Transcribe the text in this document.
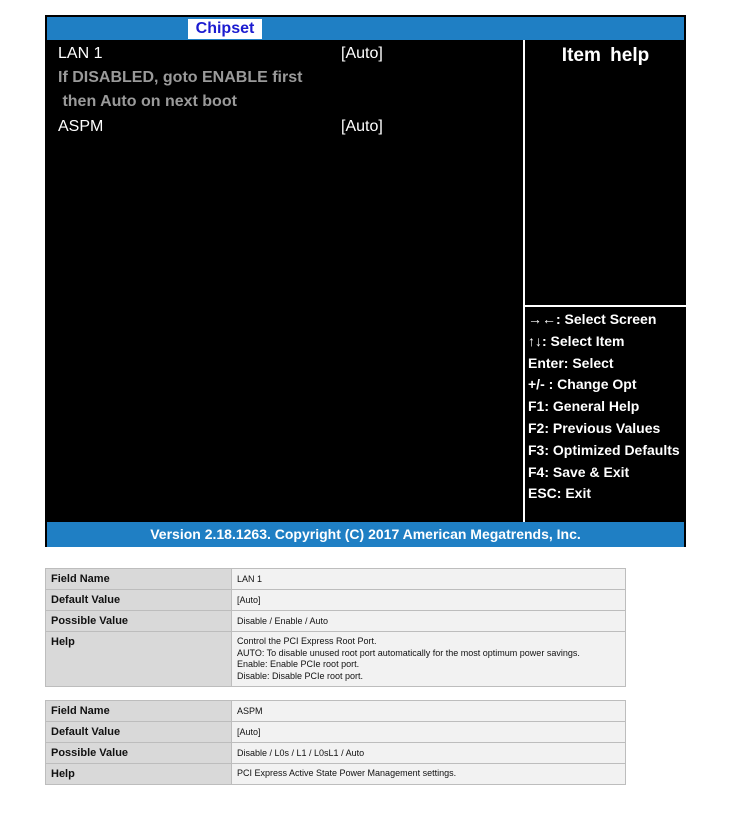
Chipset
LAN 1	[Auto]
If DISABLED, goto ENABLE first
then Auto on next boot
ASPM	[Auto]
Item help
→←: Select Screen
↑↓: Select Item
Enter: Select
+/- : Change Opt
F1: General Help
F2: Previous Values
F3: Optimized Defaults
F4: Save & Exit
ESC: Exit
Version 2.18.1263. Copyright (C) 2017 American Megatrends, Inc.
Field Name	LAN 1
Default Value	[Auto]
Possible Value	Disable / Enable / Auto
Help	Control the PCI Express Root Port.
AUTO: To disable unused root port automatically for the most optimum power savings.
Enable: Enable PCIe root port.
Disable: Disable PCIe root port.
Field Name	ASPM
Default Value	[Auto]
Possible Value	Disable / L0s / L1 / L0sL1 / Auto
Help	PCI Express Active State Power Management settings.
